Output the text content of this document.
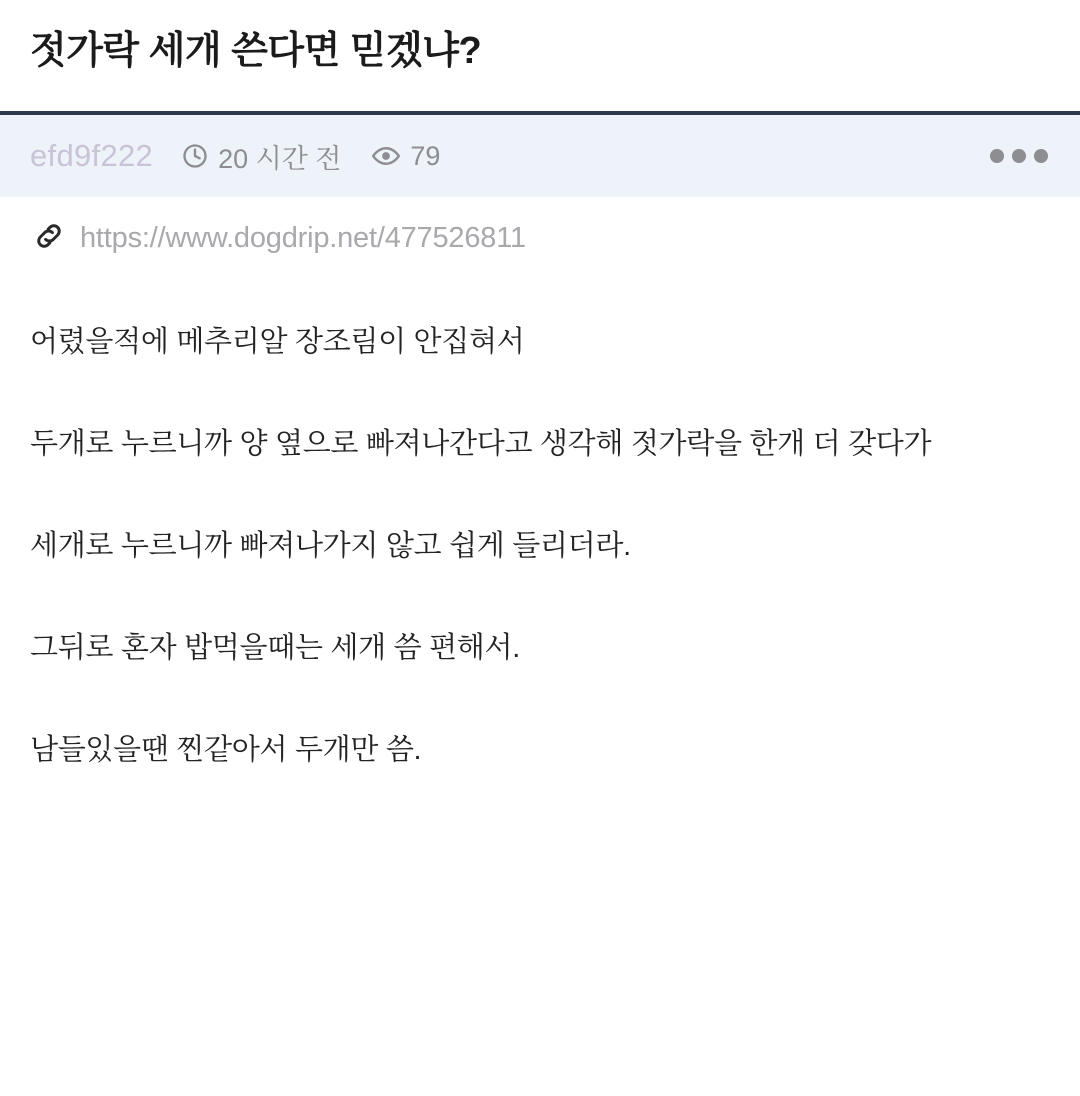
젓가락 세개 쓴다면 믿겠냐?
efd9f222 20 시간 전	79
https://www.dogdrip.net/477526811

어렸을적에 메추리알 장조림이 안집혀서

두개로 누르니까 양 옆으로 빠져나간다고 생각해 젓가락을 한개 더 갖다가

세개로 누르니까 빠져나가지 않고 쉽게 들리더라.

그뒤로 혼자 밥먹을때는 세개 씀 편해서.

남들있을땐 찐같아서 두개만 씀.
